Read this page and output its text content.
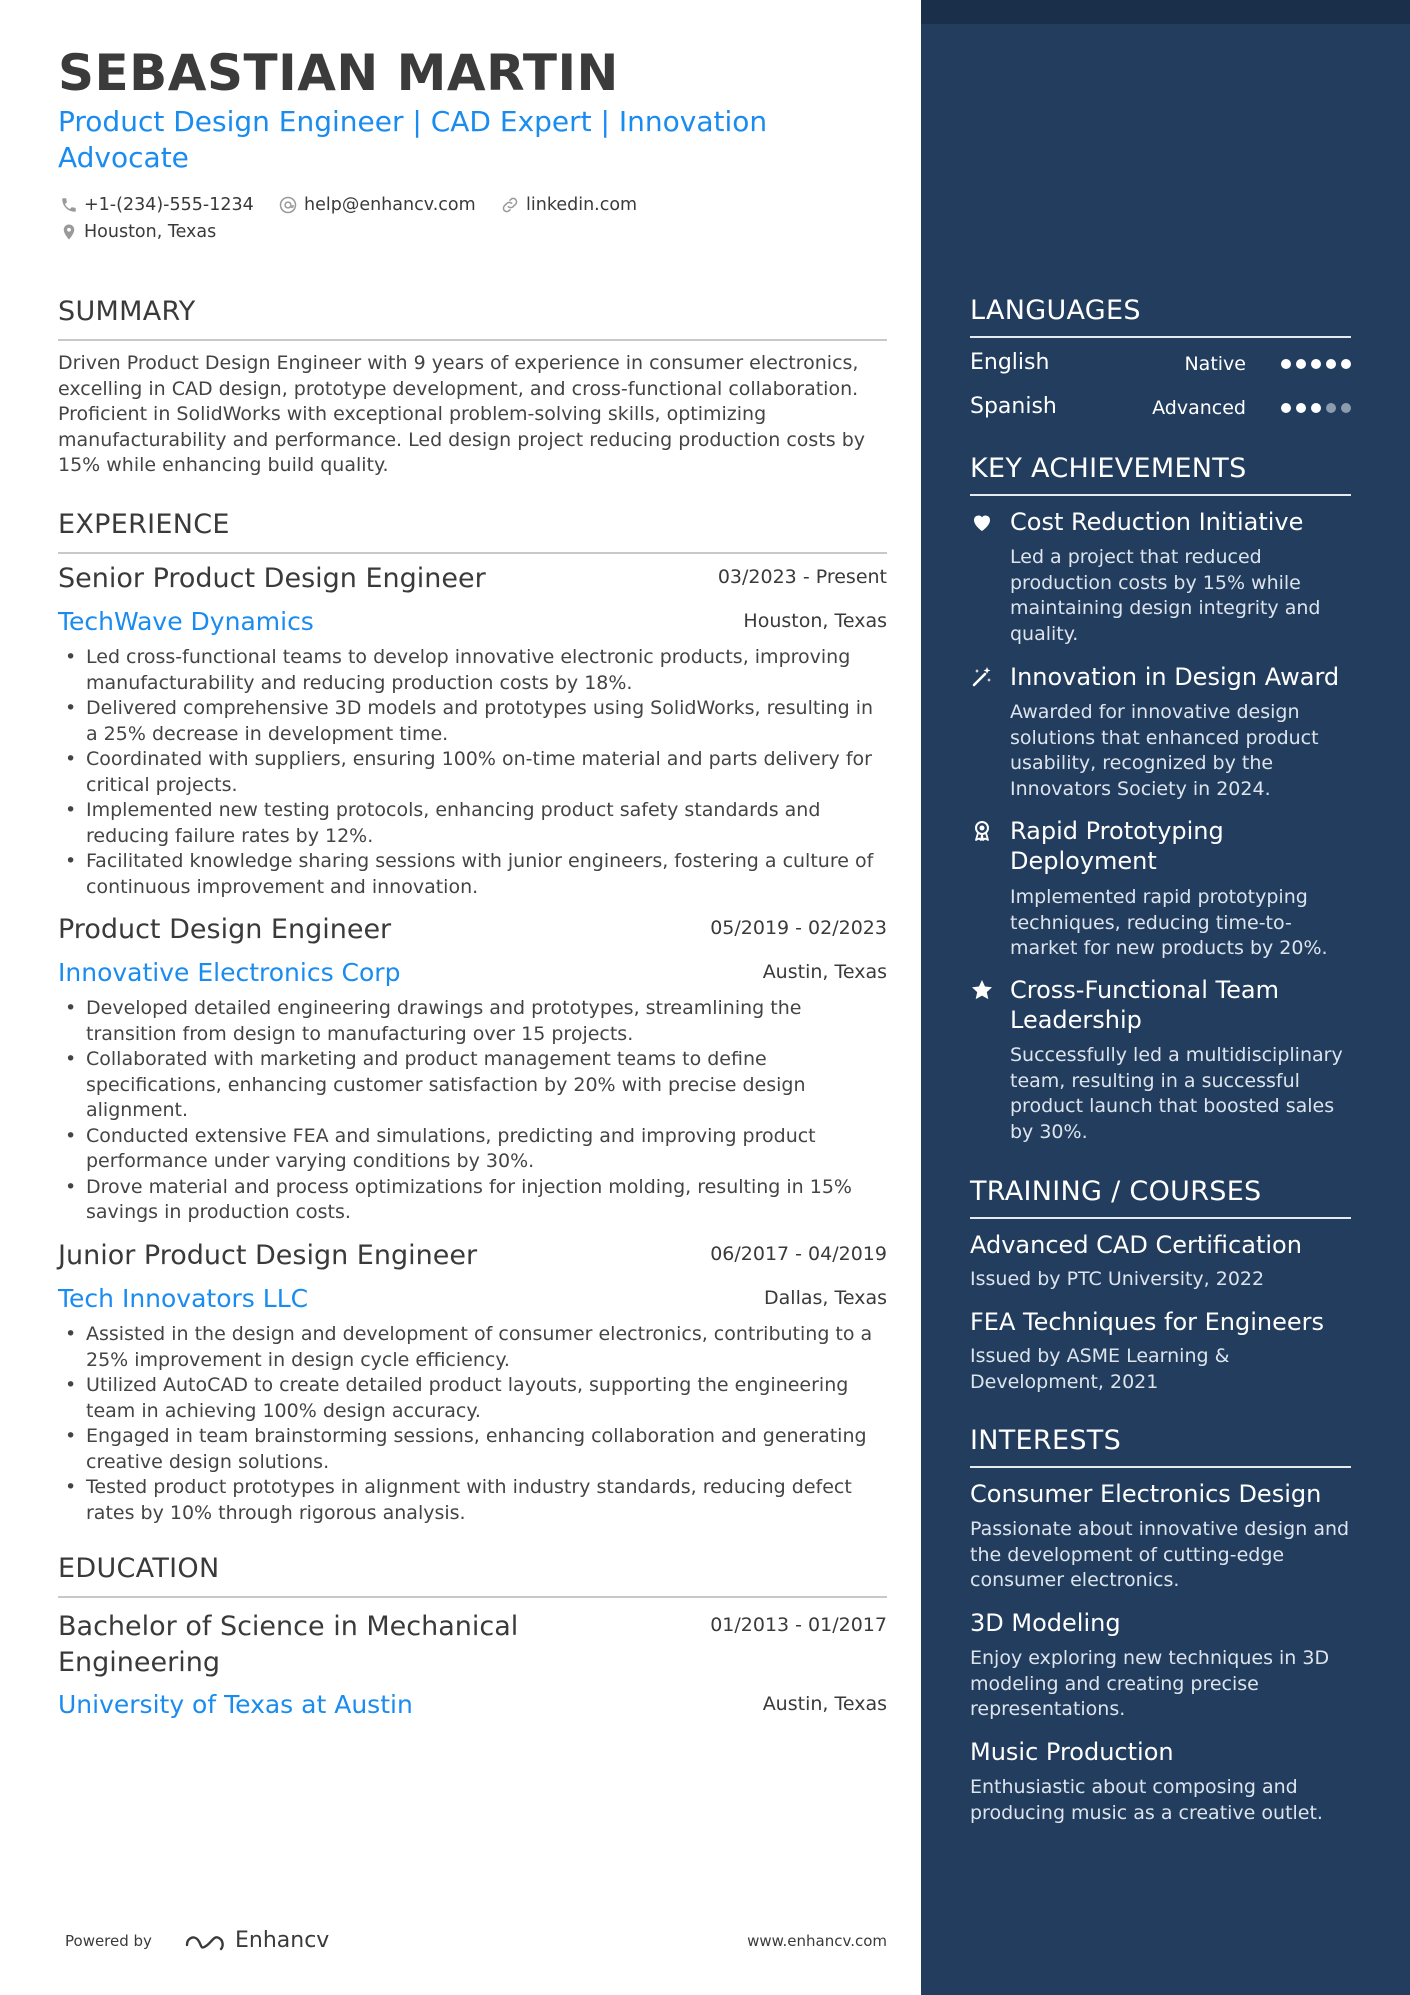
SEBASTIAN MARTIN
Product Design Engineer | CAD Expert | Innovation Advocate
+1-(234)-555-1234	help@enhancv.com	linkedin.com
Houston, Texas
SUMMARY
Driven Product Design Engineer with 9 years of experience in consumer electronics, excelling in CAD design, prototype development, and cross-functional collaboration. Proficient in SolidWorks with exceptional problem-solving skills, optimizing manufacturability and performance. Led design project reducing production costs by 15% while enhancing build quality.
EXPERIENCE
Senior Product Design Engineer	03/2023 - Present
TechWave Dynamics	Houston, Texas
• Led cross-functional teams to develop innovative electronic products, improving manufacturability and reducing production costs by 18%.
• Delivered comprehensive 3D models and prototypes using SolidWorks, resulting in a 25% decrease in development time.
• Coordinated with suppliers, ensuring 100% on-time material and parts delivery for critical projects.
• Implemented new testing protocols, enhancing product safety standards and reducing failure rates by 12%.
• Facilitated knowledge sharing sessions with junior engineers, fostering a culture of continuous improvement and innovation.
Product Design Engineer	05/2019 - 02/2023
Innovative Electronics Corp	Austin, Texas
• Developed detailed engineering drawings and prototypes, streamlining the transition from design to manufacturing over 15 projects.
• Collaborated with marketing and product management teams to define specifications, enhancing customer satisfaction by 20% with precise design alignment.
• Conducted extensive FEA and simulations, predicting and improving product performance under varying conditions by 30%.
• Drove material and process optimizations for injection molding, resulting in 15% savings in production costs.
Junior Product Design Engineer	06/2017 - 04/2019
Tech Innovators LLC	Dallas, Texas
• Assisted in the design and development of consumer electronics, contributing to a 25% improvement in design cycle efficiency.
• Utilized AutoCAD to create detailed product layouts, supporting the engineering team in achieving 100% design accuracy.
• Engaged in team brainstorming sessions, enhancing collaboration and generating creative design solutions.
• Tested product prototypes in alignment with industry standards, reducing defect rates by 10% through rigorous analysis.
EDUCATION
Bachelor of Science in Mechanical Engineering
01/2013 - 01/2017
University of Texas at Austin	Austin, Texas
Powered by	Enhancv	www.enhancv.com
LANGUAGES
English	Native
Spanish	Advanced
KEY ACHIEVEMENTS
Cost Reduction Initiative
Led a project that reduced production costs by 15% while maintaining design integrity and quality.
Innovation in Design Award
Awarded for innovative design solutions that enhanced product usability, recognized by the Innovators Society in 2024.
Rapid Prototyping Deployment
Implemented rapid prototyping techniques, reducing time-to-market for new products by 20%.
Cross-Functional Team Leadership
Successfully led a multidisciplinary team, resulting in a successful product launch that boosted sales by 30%.
TRAINING / COURSES
Advanced CAD Certification
Issued by PTC University, 2022
FEA Techniques for Engineers
Issued by ASME Learning & Development, 2021
INTERESTS
Consumer Electronics Design
Passionate about innovative design and the development of cutting-edge consumer electronics.
3D Modeling
Enjoy exploring new techniques in 3D modeling and creating precise representations.
Music Production
Enthusiastic about composing and producing music as a creative outlet.
